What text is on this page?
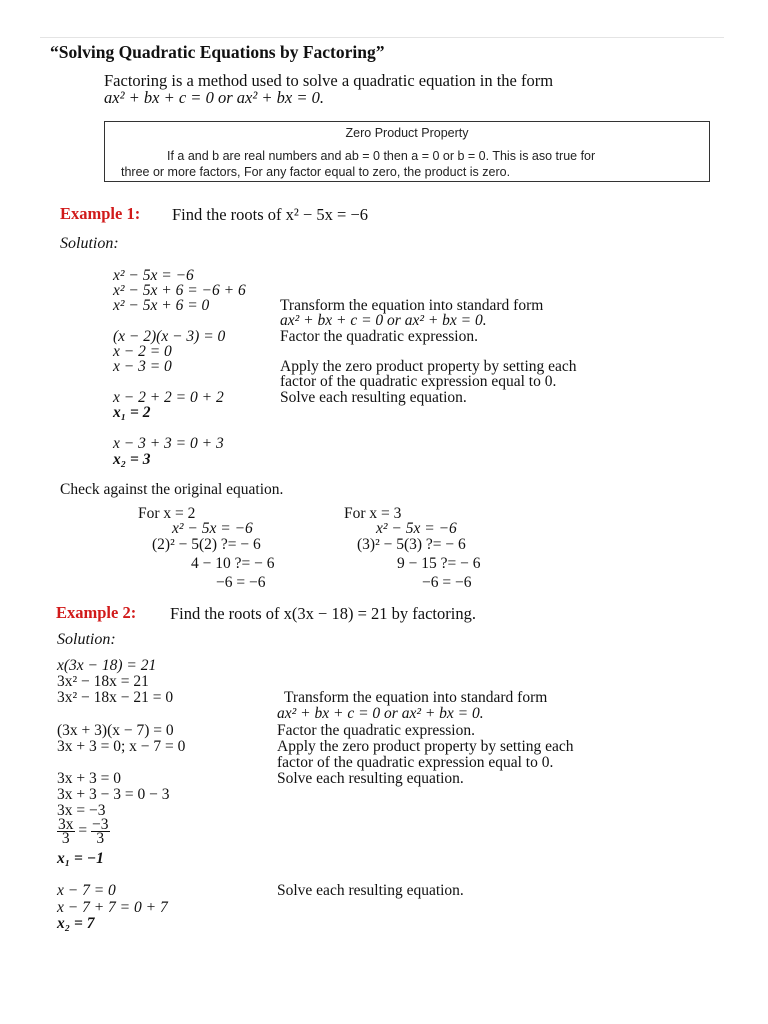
“Solving Quadratic Equations by Factoring”
Factoring is a method used to solve a quadratic equation in the form
ax² + bx + c = 0 or ax² + bx = 0.
Zero Product Property
If a and b are real numbers and ab = 0 then a = 0 or b = 0. This is aso true for
three or more factors, For any factor equal to zero, the product is zero.
Example 1: Find the roots of x² − 5x = −6
Solution:
x² − 5x = −6
x² − 5x + 6 = −6 + 6
x² − 5x + 6 = 0
(x − 2)(x − 3) = 0
x − 2 = 0
x − 3 = 0
x − 2 + 2 = 0 + 2
x₁ = 2
x − 3 + 3 = 0 + 3
x₂ = 3
Transform the equation into standard form
ax² + bx + c = 0 or ax² + bx = 0.
Factor the quadratic expression.
Apply the zero product property by setting each
factor of the quadratic expression equal to 0.
Solve each resulting equation.
Check against the original equation.
For x = 2
x² − 5x = −6
(2)² − 5(2) ?= − 6
4 − 10 ?= − 6
−6 = −6
For x = 3
x² − 5x = −6
(3)² − 5(3) ?= − 6
9 − 15 ?= − 6
−6 = −6
Example 2: Find the roots of x(3x − 18) = 21 by factoring.
Solution:
x(3x − 18) = 21
3x² − 18x = 21
3x² − 18x − 21 = 0
(3x + 3)(x − 7) = 0
3x + 3 = 0; x − 7 = 0
3x + 3 = 0
3x + 3 − 3 = 0 − 3
3x = −3
$\frac{3x}{3} = \frac{-3}{3}$
x₁ = −1
x − 7 = 0
x − 7 + 7 = 0 + 7
x₂ = 7
Transform the equation into standard form
ax² + bx + c = 0 or ax² + bx = 0.
Factor the quadratic expression.
Apply the zero product property by setting each
factor of the quadratic expression equal to 0.
Solve each resulting equation.
Solve each resulting equation.
